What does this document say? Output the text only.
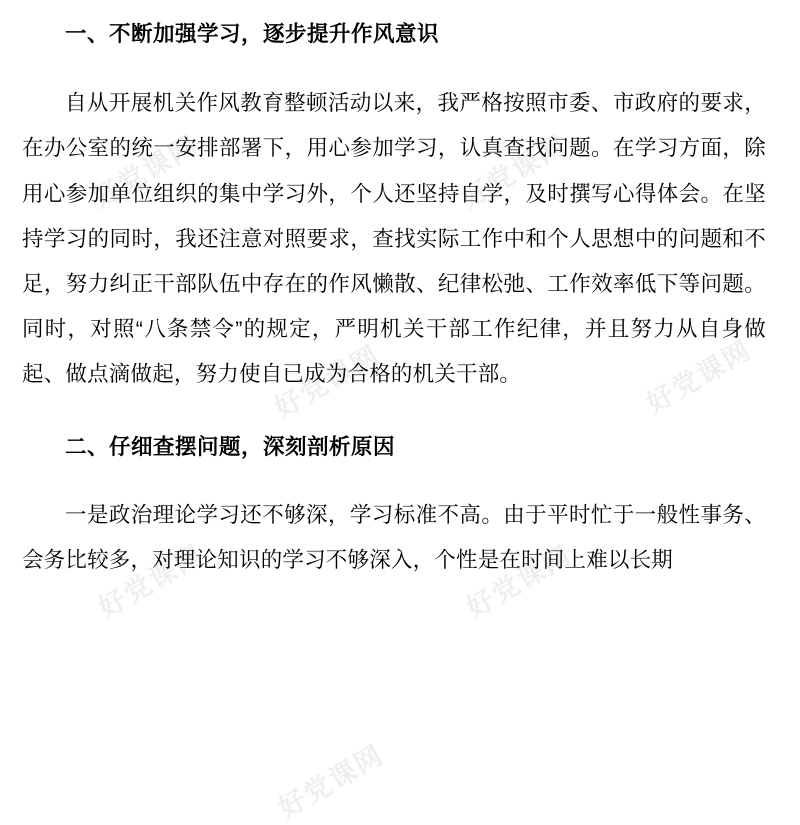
好党课网	好党课网
好党课网	好党课网
好党课网	好党课网
好党课网

一、不断加强学习，逐步提升作风意识

自从开展机关作风教育整顿活动以来，我严格按照市委、市政府的要求，在办公室的统一安排部署下，用心参加学习，认真查找问题。在学习方面，除用心参加单位组织的集中学习外，个人还坚持自学，及时撰写心得体会。在坚持学习的同时，我还注意对照要求，查找实际工作中和个人思想中的问题和不足，努力纠正干部队伍中存在的作风懒散、纪律松弛、工作效率低下等问题。同时，对照“八条禁令”的规定，严明机关干部工作纪律，并且努力从自身做起、做点滴做起，努力使自已成为合格的机关干部。

二、仔细查摆问题，深刻剖析原因

一是政治理论学习还不够深，学习标准不高。由于平时忙于一般性事务、会务比较多，对理论知识的学习不够深入，个性是在时间上难以长期
